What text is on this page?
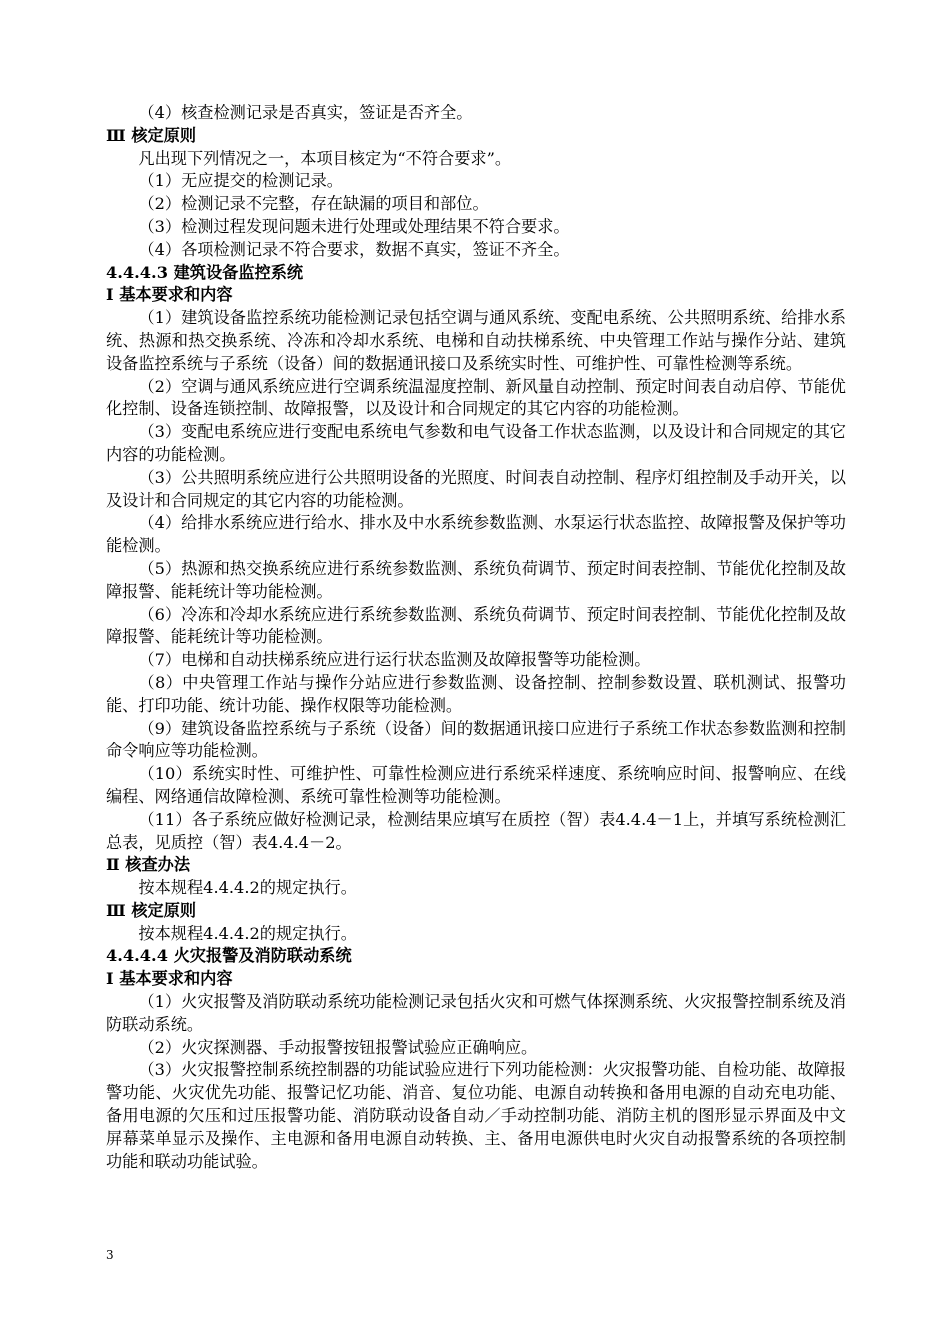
（4）核查检测记录是否真实，签证是否齐全。

Ⅲ 核定原则

凡出现下列情况之一，本项目核定为“不符合要求”。

（1）无应提交的检测记录。

（2）检测记录不完整，存在缺漏的项目和部位。

（3）检测过程发现问题未进行处理或处理结果不符合要求。

（4）各项检测记录不符合要求，数据不真实，签证不齐全。

4.4.4.3 建筑设备监控系统

Ⅰ 基本要求和内容

（1）建筑设备监控系统功能检测记录包括空调与通风系统、变配电系统、公共照明系统、给排水系统、热源和热交换系统、冷冻和冷却水系统、电梯和自动扶梯系统、中央管理工作站与操作分站、建筑设备监控系统与子系统（设备）间的数据通讯接口及系统实时性、可维护性、可靠性检测等系统。

（2）空调与通风系统应进行空调系统温湿度控制、新风量自动控制、预定时间表自动启停、节能优化控制、设备连锁控制、故障报警，以及设计和合同规定的其它内容的功能检测。

（3）变配电系统应进行变配电系统电气参数和电气设备工作状态监测，以及设计和合同规定的其它内容的功能检测。

（3）公共照明系统应进行公共照明设备的光照度、时间表自动控制、程序灯组控制及手动开关，以及设计和合同规定的其它内容的功能检测。

（4）给排水系统应进行给水、排水及中水系统参数监测、水泵运行状态监控、故障报警及保护等功能检测。

（5）热源和热交换系统应进行系统参数监测、系统负荷调节、预定时间表控制、节能优化控制及故障报警、能耗统计等功能检测。

（6）冷冻和冷却水系统应进行系统参数监测、系统负荷调节、预定时间表控制、节能优化控制及故障报警、能耗统计等功能检测。

（7）电梯和自动扶梯系统应进行运行状态监测及故障报警等功能检测。

（8）中央管理工作站与操作分站应进行参数监测、设备控制、控制参数设置、联机测试、报警功能、打印功能、统计功能、操作权限等功能检测。

（9）建筑设备监控系统与子系统（设备）间的数据通讯接口应进行子系统工作状态参数监测和控制命令响应等功能检测。

（10）系统实时性、可维护性、可靠性检测应进行系统采样速度、系统响应时间、报警响应、在线编程、网络通信故障检测、系统可靠性检测等功能检测。

（11）各子系统应做好检测记录，检测结果应填写在质控（智）表4.4.4－1上，并填写系统检测汇总表，见质控（智）表4.4.4－2。

Ⅱ 核查办法

按本规程4.4.4.2的规定执行。

Ⅲ 核定原则

按本规程4.4.4.2的规定执行。

4.4.4.4 火灾报警及消防联动系统

Ⅰ 基本要求和内容

（1）火灾报警及消防联动系统功能检测记录包括火灾和可燃气体探测系统、火灾报警控制系统及消防联动系统。

（2）火灾探测器、手动报警按钮报警试验应正确响应。

（3）火灾报警控制系统控制器的功能试验应进行下列功能检测：火灾报警功能、自检功能、故障报警功能、火灾优先功能、报警记忆功能、消音、复位功能、电源自动转换和备用电源的自动充电功能、备用电源的欠压和过压报警功能、消防联动设备自动／手动控制功能、消防主机的图形显示界面及中文屏幕菜单显示及操作、主电源和备用电源自动转换、主、备用电源供电时火灾自动报警系统的各项控制功能和联动功能试验。

3
